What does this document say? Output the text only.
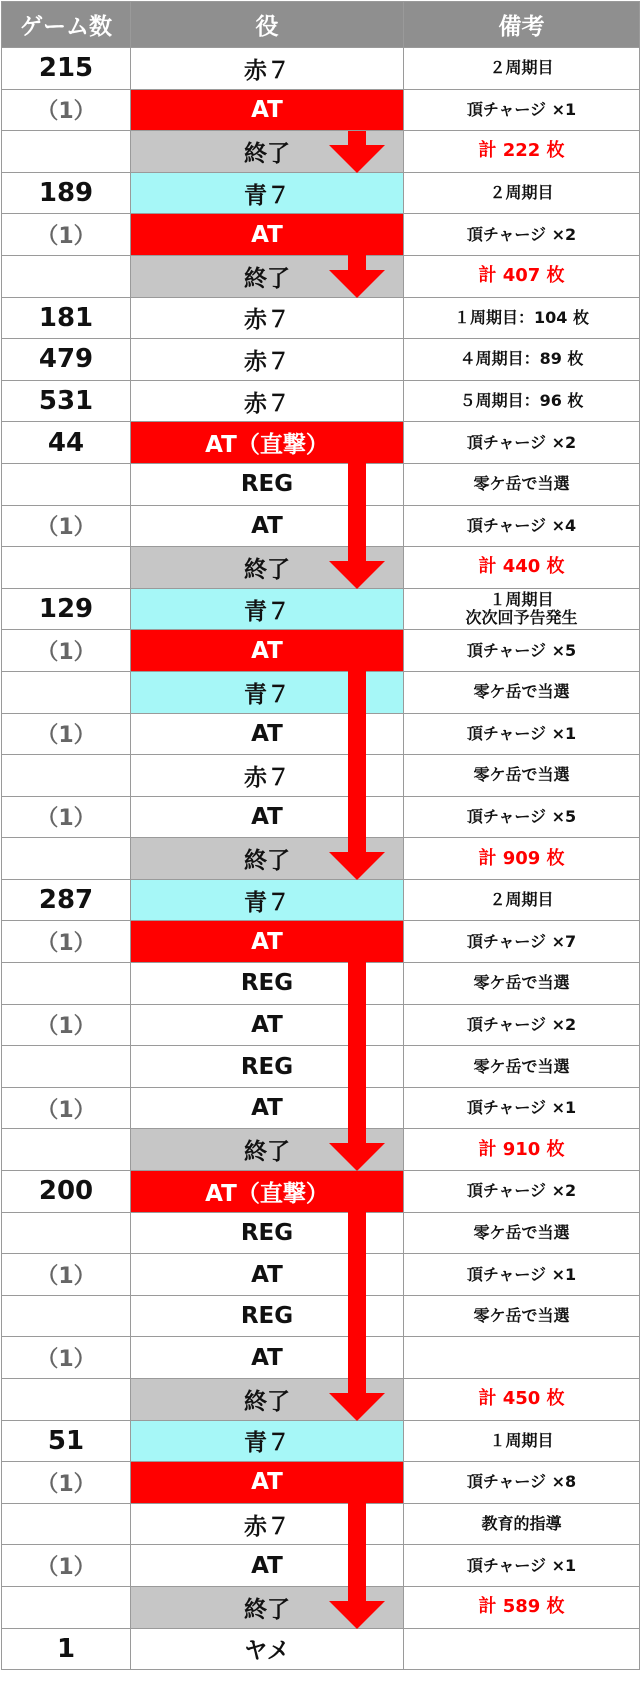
ゲーム数	役	備考
215	赤７	２周期目

（1）	AT	頂チャージ ×1

	終了	計 222 枚

189	青７	２周期目

（1）	AT	頂チャージ ×2

	終了	計 407 枚

181	赤７	１周期目：104 枚

479	赤７	４周期目：89 枚

531	赤７	５周期目：96 枚

44	AT（直撃）	頂チャージ ×2

	REG	零ケ岳で当選

（1）	AT	頂チャージ ×4

	終了	計 440 枚

129	青７	１周期目
次次回予告発生

（1）	AT	頂チャージ ×5

	青７	零ケ岳で当選

（1）	AT	頂チャージ ×1

	赤７	零ケ岳で当選

（1）	AT	頂チャージ ×5

	終了	計 909 枚

287	青７	２周期目

（1）	AT	頂チャージ ×7

	REG	零ケ岳で当選

（1）	AT	頂チャージ ×2

	REG	零ケ岳で当選

（1）	AT	頂チャージ ×1

	終了	計 910 枚

200	AT（直撃）	頂チャージ ×2

	REG	零ケ岳で当選

（1）	AT	頂チャージ ×1

	REG	零ケ岳で当選

（1）	AT	
	終了	計 450 枚

51	青７	１周期目

（1）	AT	頂チャージ ×8

	赤７	教育的指導

（1）	AT	頂チャージ ×1

	終了	計 589 枚

1	ヤメ	
